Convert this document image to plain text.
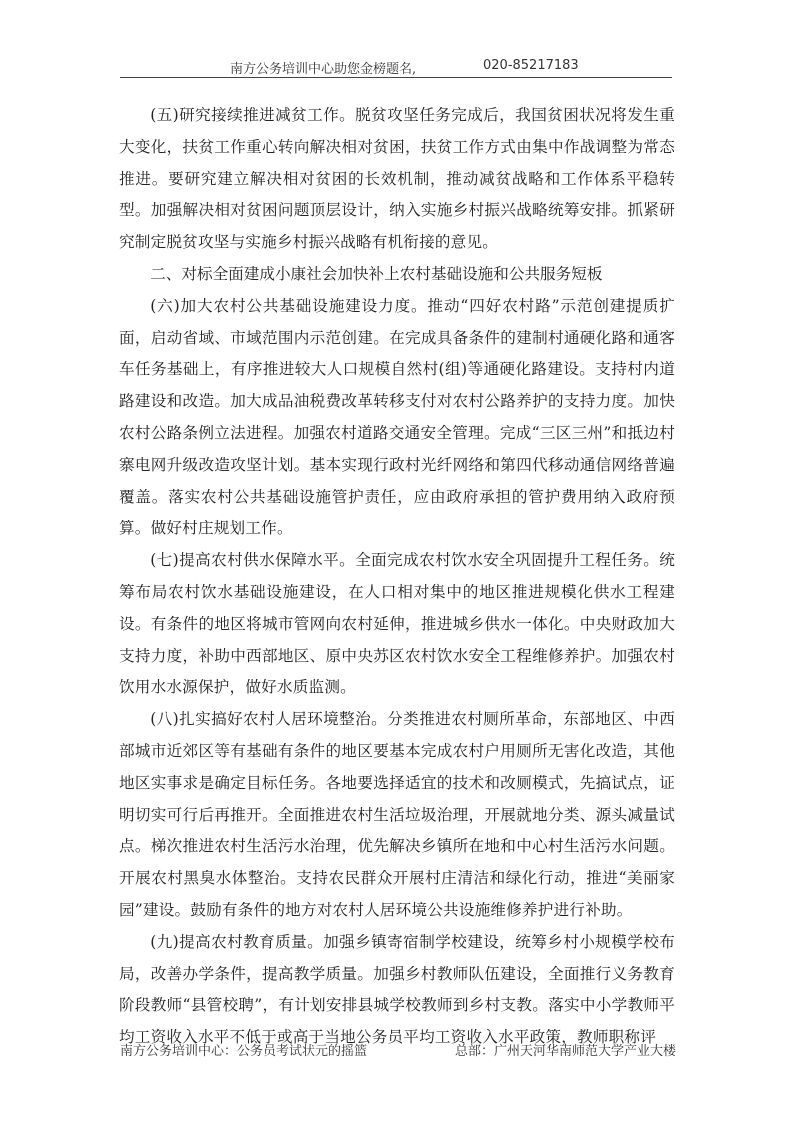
南方公务培训中心助您金榜题名,	020-85217183

(五)研究接续推进减贫工作。脱贫攻坚任务完成后，我国贫困状况将发生重大变化，扶贫工作重心转向解决相对贫困，扶贫工作方式由集中作战调整为常态推进。要研究建立解决相对贫困的长效机制，推动减贫战略和工作体系平稳转型。加强解决相对贫困问题顶层设计，纳入实施乡村振兴战略统筹安排。抓紧研究制定脱贫攻坚与实施乡村振兴战略有机衔接的意见。

二、对标全面建成小康社会加快补上农村基础设施和公共服务短板

(六)加大农村公共基础设施建设力度。推动“四好农村路”示范创建提质扩面，启动省域、市域范围内示范创建。在完成具备条件的建制村通硬化路和通客车任务基础上，有序推进较大人口规模自然村(组)等通硬化路建设。支持村内道路建设和改造。加大成品油税费改革转移支付对农村公路养护的支持力度。加快农村公路条例立法进程。加强农村道路交通安全管理。完成“三区三州”和抵边村寨电网升级改造攻坚计划。基本实现行政村光纤网络和第四代移动通信网络普遍覆盖。落实农村公共基础设施管护责任，应由政府承担的管护费用纳入政府预算。做好村庄规划工作。

(七)提高农村供水保障水平。全面完成农村饮水安全巩固提升工程任务。统筹布局农村饮水基础设施建设，在人口相对集中的地区推进规模化供水工程建设。有条件的地区将城市管网向农村延伸，推进城乡供水一体化。中央财政加大支持力度，补助中西部地区、原中央苏区农村饮水安全工程维修养护。加强农村饮用水水源保护，做好水质监测。

(八)扎实搞好农村人居环境整治。分类推进农村厕所革命，东部地区、中西部城市近郊区等有基础有条件的地区要基本完成农村户用厕所无害化改造，其他地区实事求是确定目标任务。各地要选择适宜的技术和改厕模式，先搞试点，证明切实可行后再推开。全面推进农村生活垃圾治理，开展就地分类、源头减量试点。梯次推进农村生活污水治理，优先解决乡镇所在地和中心村生活污水问题。开展农村黑臭水体整治。支持农民群众开展村庄清洁和绿化行动，推进“美丽家园”建设。鼓励有条件的地方对农村人居环境公共设施维修养护进行补助。

(九)提高农村教育质量。加强乡镇寄宿制学校建设，统筹乡村小规模学校布局，改善办学条件，提高教学质量。加强乡村教师队伍建设，全面推行义务教育阶段教师“县管校聘”，有计划安排县城学校教师到乡村支教。落实中小学教师平均工资收入水平不低于或高于当地公务员平均工资收入水平政策，教师职称评

南方公务培训中心：公务员考试状元的摇篮	总部：广州天河华南师范大学产业大楼
